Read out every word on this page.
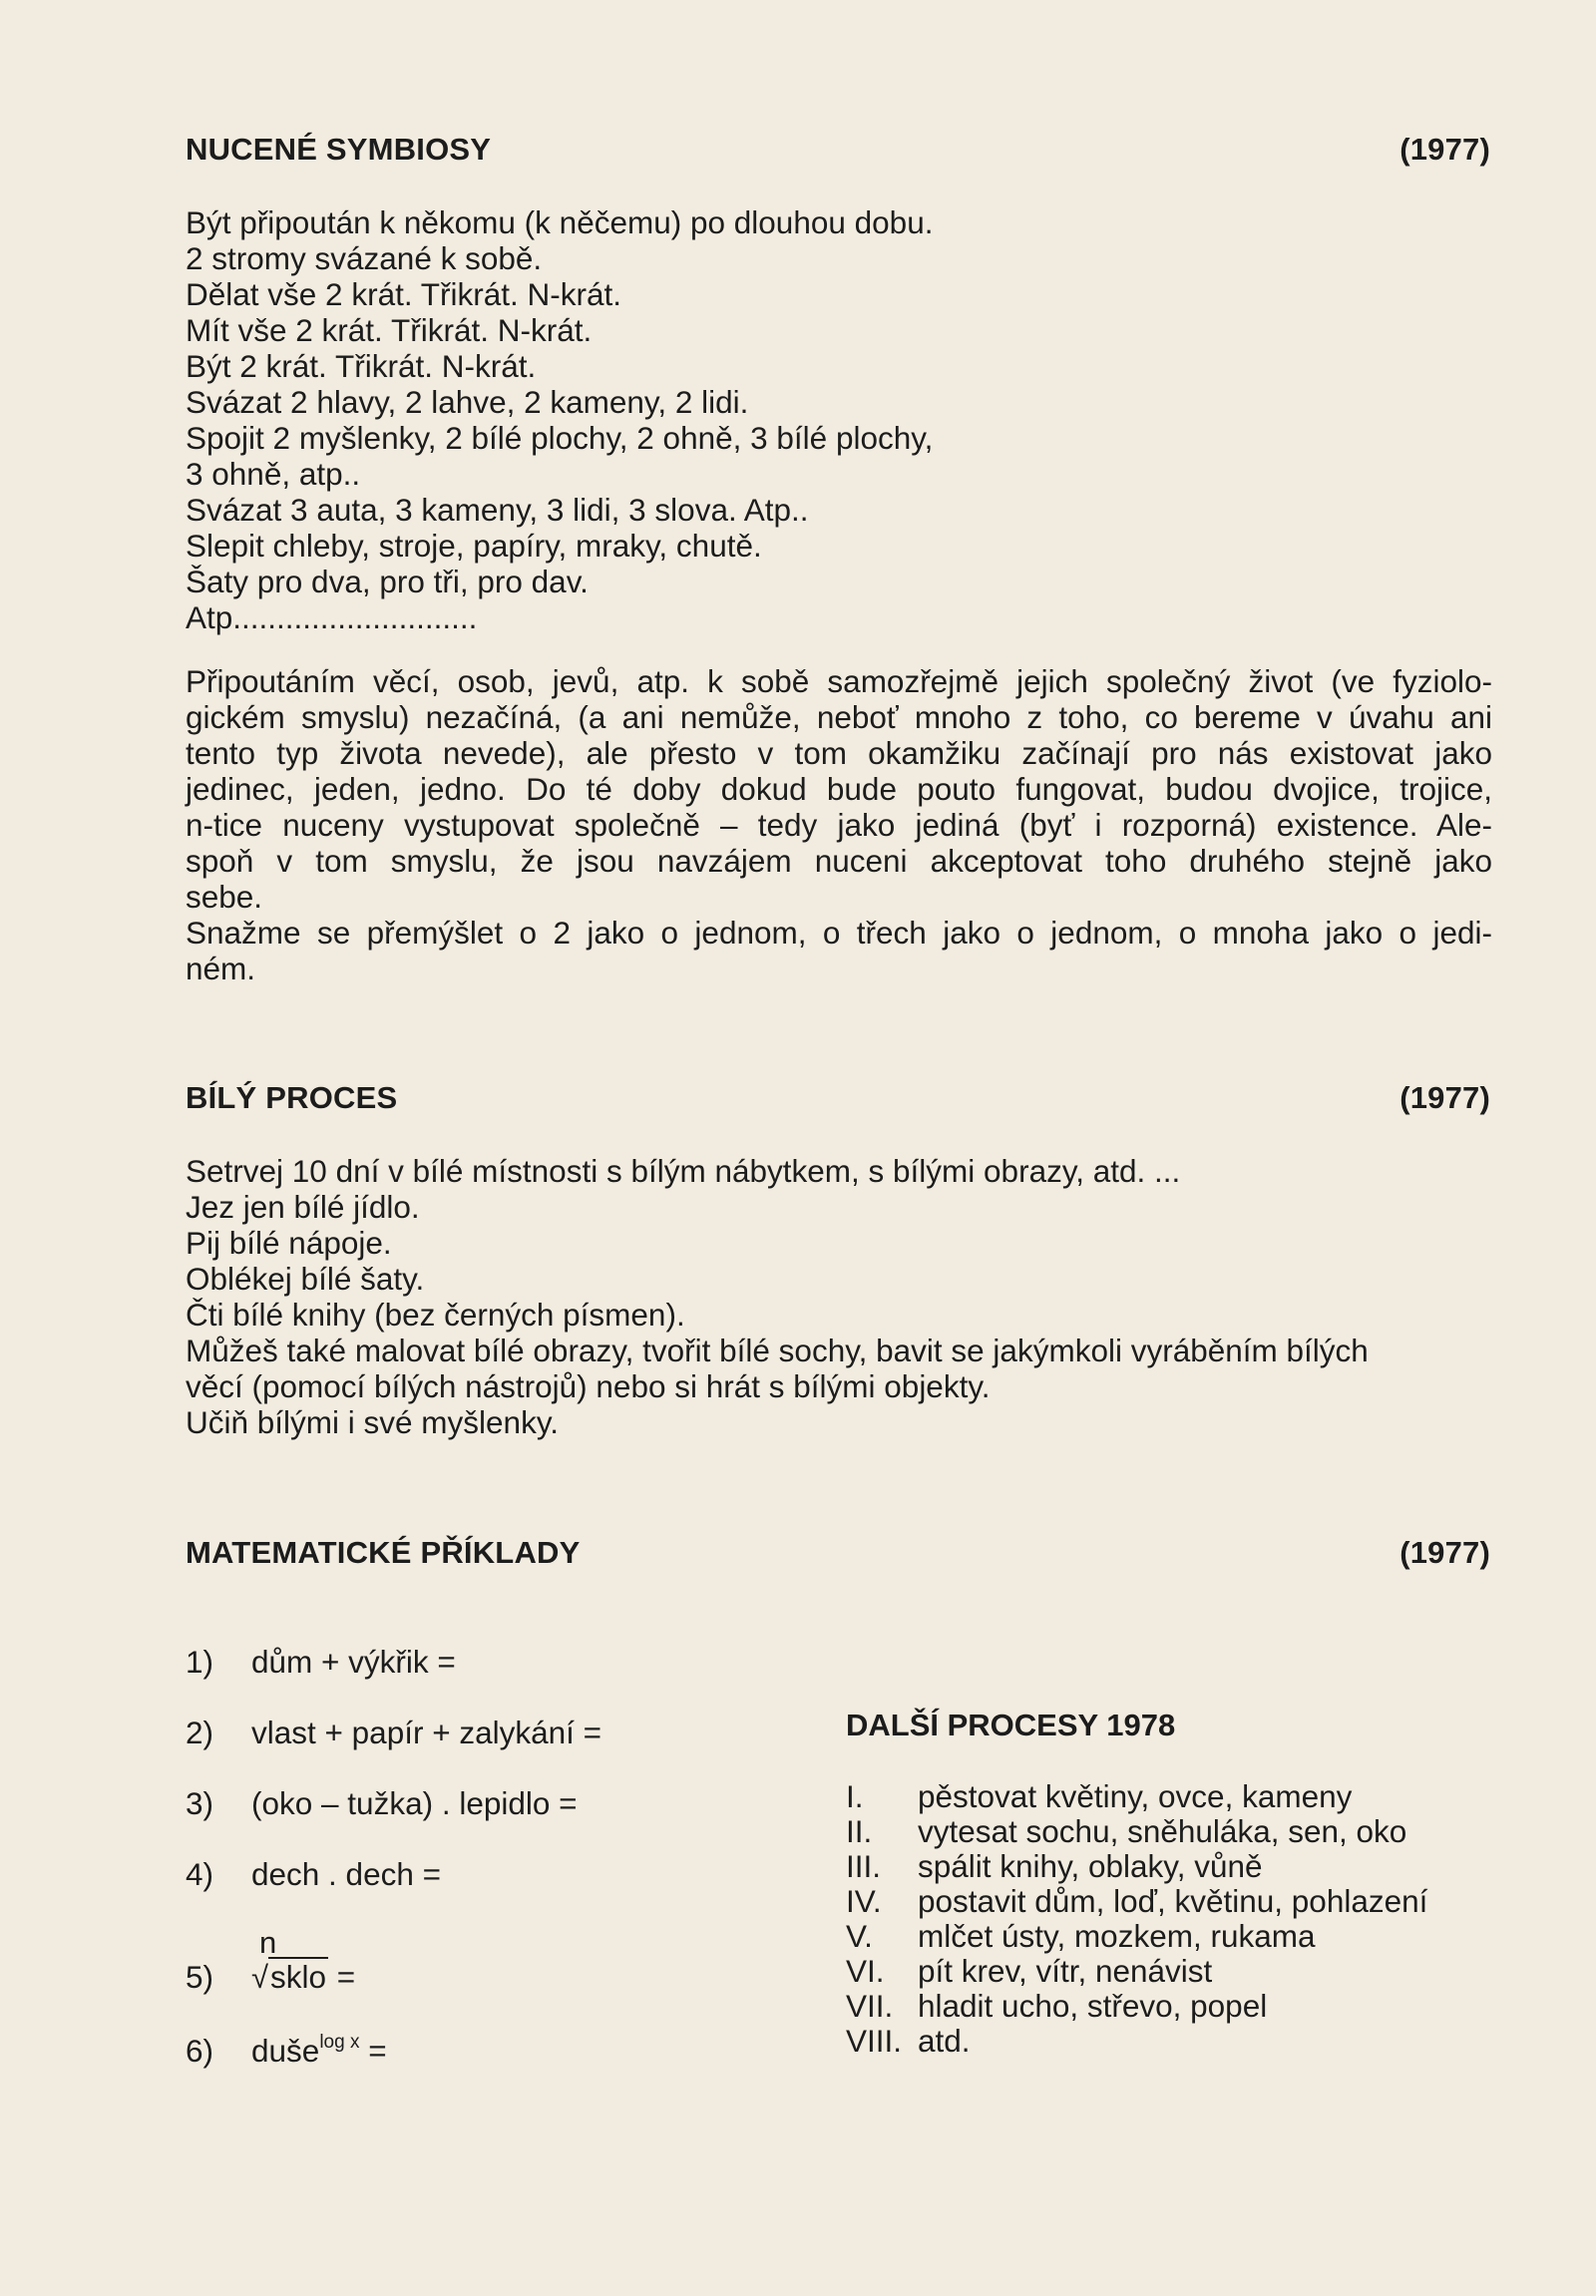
NUCENÉ SYMBIOSY	(1977)
Být připoután k někomu (k něčemu) po dlouhou dobu.
2 stromy svázané k sobě.
Dělat vše 2 krát. Třikrát. N-krát.
Mít vše 2 krát. Třikrát. N-krát.
Být 2 krát. Třikrát. N-krát.
Svázat 2 hlavy, 2 lahve, 2 kameny, 2 lidi.
Spojit 2 myšlenky, 2 bílé plochy, 2 ohně, 3 bílé plochy,
3 ohně, atp..
Svázat 3 auta, 3 kameny, 3 lidi, 3 slova. Atp..
Slepit chleby, stroje, papíry, mraky, chutě.
Šaty pro dva, pro tři, pro dav.
Atp............................
Připoutáním věcí, osob, jevů, atp. k sobě samozřejmě jejich společný život (ve fyziolo-
gickém smyslu) nezačíná, (a ani nemůže, neboť mnoho z toho, co bereme v úvahu ani
tento typ života nevede), ale přesto v tom okamžiku začínají pro nás existovat jako
jedinec, jeden, jedno. Do té doby dokud bude pouto fungovat, budou dvojice, trojice,
n-tice nuceny vystupovat společně – tedy jako jediná (byť i rozporná) existence. Ale-
spoň v tom smyslu, že jsou navzájem nuceni akceptovat toho druhého stejně jako
sebe.
Snažme se přemýšlet o 2 jako o jednom, o třech jako o jednom, o mnoha jako o jedi-
ném.
BÍLÝ PROCES	(1977)
Setrvej 10 dní v bílé místnosti s bílým nábytkem, s bílými obrazy, atd. ...
Jez jen bílé jídlo.
Pij bílé nápoje.
Oblékej bílé šaty.
Čti bílé knihy (bez černých písmen).
Můžeš také malovat bílé obrazy, tvořit bílé sochy, bavit se jakýmkoli vyráběním bílých
věcí (pomocí bílých nástrojů) nebo si hrát s bílými objekty.
Učiň bílými i své myšlenky.
MATEMATICKÉ PŘÍKLADY	(1977)
1) dům + výkřik =
2) vlast + papír + zalykání =
3) (oko – tužka) . lepidlo =
4) dech . dech =
5)
n
√sklo =
6) duše$^{log x}$ =
DALŠÍ PROCESY 1978
I.	pěstovat květiny, ovce, kameny
II.	vytesat sochu, sněhuláka, sen, oko
III.	spálit knihy, oblaky, vůně
IV.	postavit dům, loď, květinu, pohlazení
V.	mlčet ústy, mozkem, rukama
VI.	pít krev, vítr, nenávist
VII. hladit ucho, střevo, popel
VIII. atd.
